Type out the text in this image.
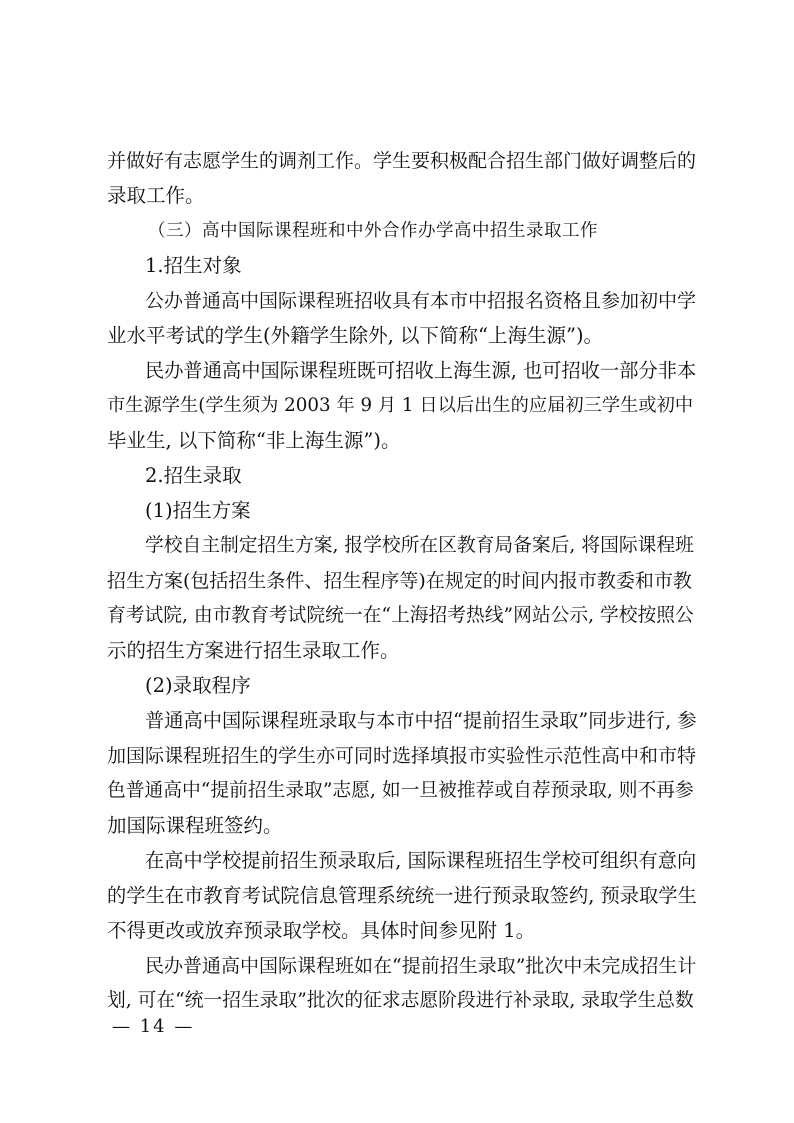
并做好有志愿学生的调剂工作。学生要积极配合招生部门做好调整后的
录取工作。
（三）高中国际课程班和中外合作办学高中招生录取工作
1.招生对象
公办普通高中国际课程班招收具有本市中招报名资格且参加初中学
业水平考试的学生(外籍学生除外, 以下简称“上海生源”)。
民办普通高中国际课程班既可招收上海生源, 也可招收一部分非本
市生源学生(学生须为 2003 年 9 月 1 日以后出生的应届初三学生或初中
毕业生, 以下简称“非上海生源”)。
2.招生录取
(1)招生方案
学校自主制定招生方案, 报学校所在区教育局备案后, 将国际课程班
招生方案(包括招生条件、招生程序等)在规定的时间内报市教委和市教
育考试院, 由市教育考试院统一在“上海招考热线”网站公示, 学校按照公
示的招生方案进行招生录取工作。
(2)录取程序
普通高中国际课程班录取与本市中招“提前招生录取”同步进行, 参
加国际课程班招生的学生亦可同时选择填报市实验性示范性高中和市特
色普通高中“提前招生录取”志愿, 如一旦被推荐或自荐预录取, 则不再参
加国际课程班签约。
在高中学校提前招生预录取后, 国际课程班招生学校可组织有意向
的学生在市教育考试院信息管理系统统一进行预录取签约, 预录取学生
不得更改或放弃预录取学校。具体时间参见附 1。
民办普通高中国际课程班如在“提前招生录取”批次中未完成招生计
划, 可在“统一招生录取”批次的征求志愿阶段进行补录取, 录取学生总数
— 14 —
